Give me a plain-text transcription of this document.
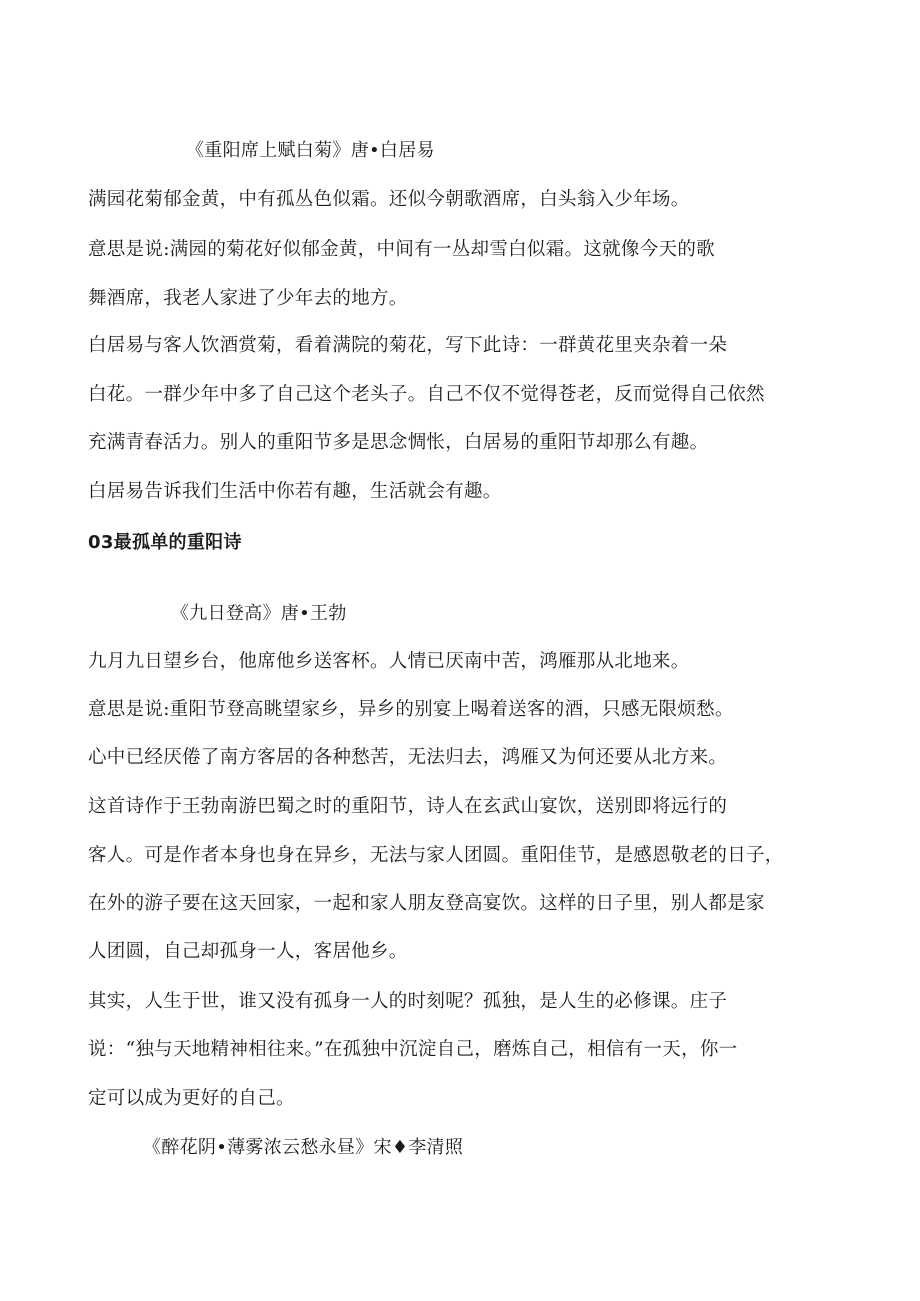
《重阳席上赋白菊》唐•白居易

满园花菊郁金黄，中有孤丛色似霜。还似今朝歌酒席，白头翁入少年场。

意思是说:满园的菊花好似郁金黄，中间有一丛却雪白似霜。这就像今天的歌

舞酒席，我老人家进了少年去的地方。

白居易与客人饮酒赏菊，看着满院的菊花，写下此诗：一群黄花里夹杂着一朵

白花。一群少年中多了自己这个老头子。自己不仅不觉得苍老，反而觉得自己依然

充满青春活力。别人的重阳节多是思念惆怅，白居易的重阳节却那么有趣。

白居易告诉我们生活中你若有趣，生活就会有趣。

03最孤单的重阳诗

《九日登高》唐•王勃

九月九日望乡台，他席他乡送客杯。人情已厌南中苦，鸿雁那从北地来。

意思是说:重阳节登高眺望家乡，异乡的别宴上喝着送客的酒，只感无限烦愁。

心中已经厌倦了南方客居的各种愁苦，无法归去，鸿雁又为何还要从北方来。

这首诗作于王勃南游巴蜀之时的重阳节，诗人在玄武山宴饮，送别即将远行的

客人。可是作者本身也身在异乡，无法与家人团圆。重阳佳节，是感恩敬老的日子，

在外的游子要在这天回家，一起和家人朋友登高宴饮。这样的日子里，别人都是家

人团圆，自己却孤身一人，客居他乡。

其实，人生于世，谁又没有孤身一人的时刻呢？孤独，是人生的必修课。庄子

说：“独与天地精神相往来。”在孤独中沉淀自己，磨炼自己，相信有一天，你一

定可以成为更好的自己。

《醉花阴•薄雾浓云愁永昼》宋♦李清照
